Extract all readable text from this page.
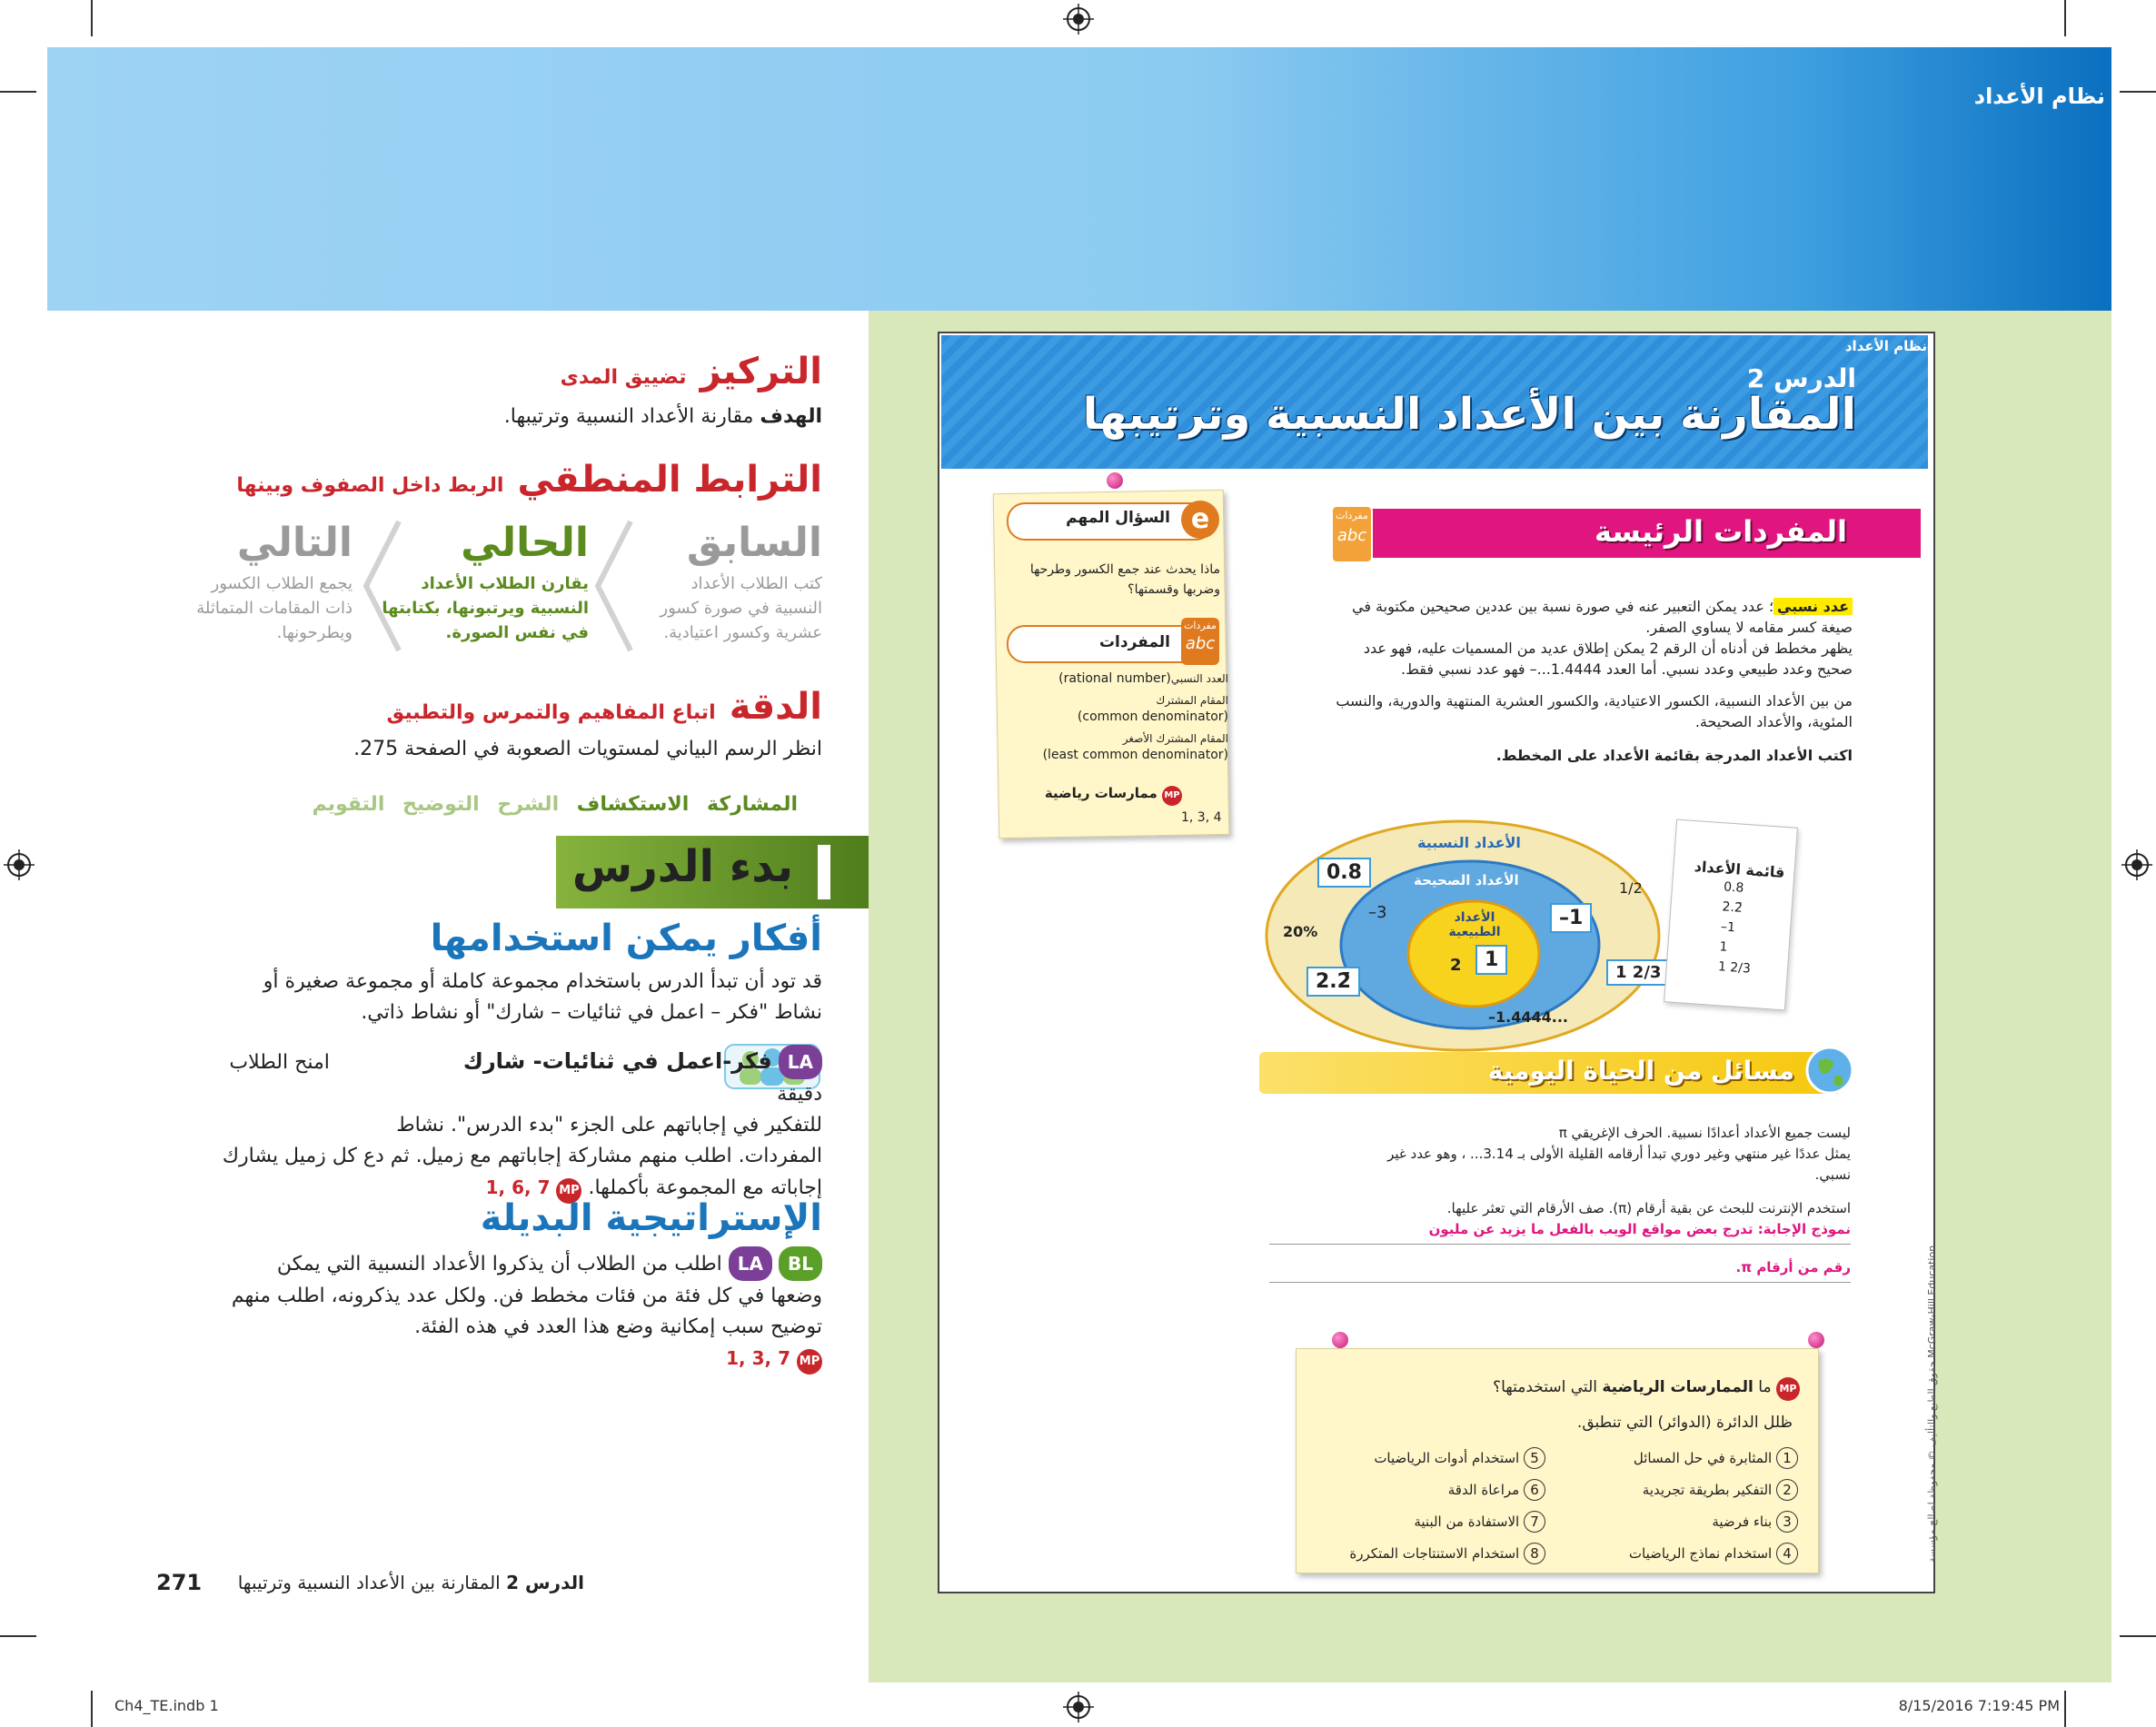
نظام الأعداد
التركيز تضييق المدى
الهدف مقارنة الأعداد النسبية وترتيبها.
الترابط المنطقي الربط داخل الصفوف وبينها
السابق
كتب الطلاب الأعداد
النسبية في صورة كسور
عشرية وكسور اعتيادية.
الحالي
يقارن الطلاب الأعداد
النسبية ويرتبونها، بكتابتها
في نفس الصورة.
التالي
يجمع الطلاب الكسور
ذات المقامات المتماثلة
ويطرحونها.
الدقة اتباع المفاهيم والتمرس والتطبيق
انظر الرسم البياني لمستويات الصعوبة في الصفحة 275.
المشاركة الاستكشاف الشرح التوضيح التقويم
بدء الدرس
أفكار يمكن استخدامها
قد تود أن تبدأ الدرس باستخدام مجموعة كاملة أو مجموعة صغيرة أو
نشاط "فكر – اعمل في ثنائيات – شارك" أو نشاط ذاتي.
LA فكر-اعمل في ثنائيات- شارك امنح الطلاب دقيقة
للتفكير في إجاباتهم على الجزء "بدء الدرس". نشاط
المفردات. اطلب منهم مشاركة إجاباتهم مع زميل. ثم دع كل زميل يشارك
إجاباته مع المجموعة بأكملها. MP 1, 6, 7
الإستراتيجية البديلة
BL LA اطلب من الطلاب أن يذكروا الأعداد النسبية التي يمكن
وضعها في كل فئة من فئات مخطط فن. ولكل عدد يذكرونه، اطلب منهم
توضيح سبب إمكانية وضع هذا العدد في هذه الفئة.
MP 1, 3, 7
271	الدرس 2 المقارنة بين الأعداد النسبية وترتيبها
نظام الأعداد
الدرس 2
المقارنة بين الأعداد النسبية وترتيبها
e
السؤال المهم
ماذا يحدث عند جمع الكسور وطرحها
وضربها وقسمتها؟
مفردات
abc
المفردات
(rational number)العدد النسبي
المقام المشترك
(common denominator)
المقام المشترك الأصغر
(least common denominator)
MP ممارسات رياضية
1, 3, 4
مفردات
abc	المفردات الرئيسة
عدد نسبي؛ عدد يمكن التعبير عنه في صورة نسبة بين عددين صحيحين مكتوبة في
صيغة كسر مقامه لا يساوي الصفر.
يظهر مخطط فن أدناه أن الرقم 2 يمكن إطلاق عديد من المسميات عليه، فهو عدد
صحيح وعدد طبيعي وعدد نسبي. أما العدد 1.4444...– فهو عدد نسبي فقط.
من بين الأعداد النسبية، الكسور الاعتيادية، والكسور العشرية المنتهية والدورية، والنسب
المئوية، والأعداد الصحيحة.
اكتب الأعداد المدرجة بقائمة الأعداد على المخطط.
الأعداد النسبية
الأعداد الصحيحة
الأعداد الطبيعية
0.8
–3	–1
20%
1/2
2	1
2.2̄	1 2/3
–1.4444...
قائمة الأعداد
0.8
2.2̄
–1
1
1 2/3
مسائل من الحياة اليومية
ليست جميع الأعداد أعدادًا نسبية. الحرف الإغريقي π
يمثل عددًا غير منتهي وغير دوري تبدأ أرقامه القليلة الأولى بـ 3.14... ، وهو عدد غير
نسبي.
استخدم الإنترنت للبحث عن بقية أرقام (π). صف الأرقام التي تعثر عليها.
نموذج الإجابة: تدرج بعض مواقع الويب بالفعل ما يزيد عن مليون
رقم من أرقام π.
MP ما الممارسات الرياضية التي استخدمتها؟
ظلل الدائرة (الدوائر) التي تنطبق.
1 المثابرة في حل المسائل
2 التفكير بطريقة تجريدية
3 بناء فرضية
4 استخدام نماذج الرياضيات
5 استخدام أدوات الرياضيات
6 مراعاة الدقة
7 الاستفادة من البنية
8 استخدام الاستنتاجات المتكررة
Ch4_TE.indb 1	8/15/2016 7:19:45 PM
